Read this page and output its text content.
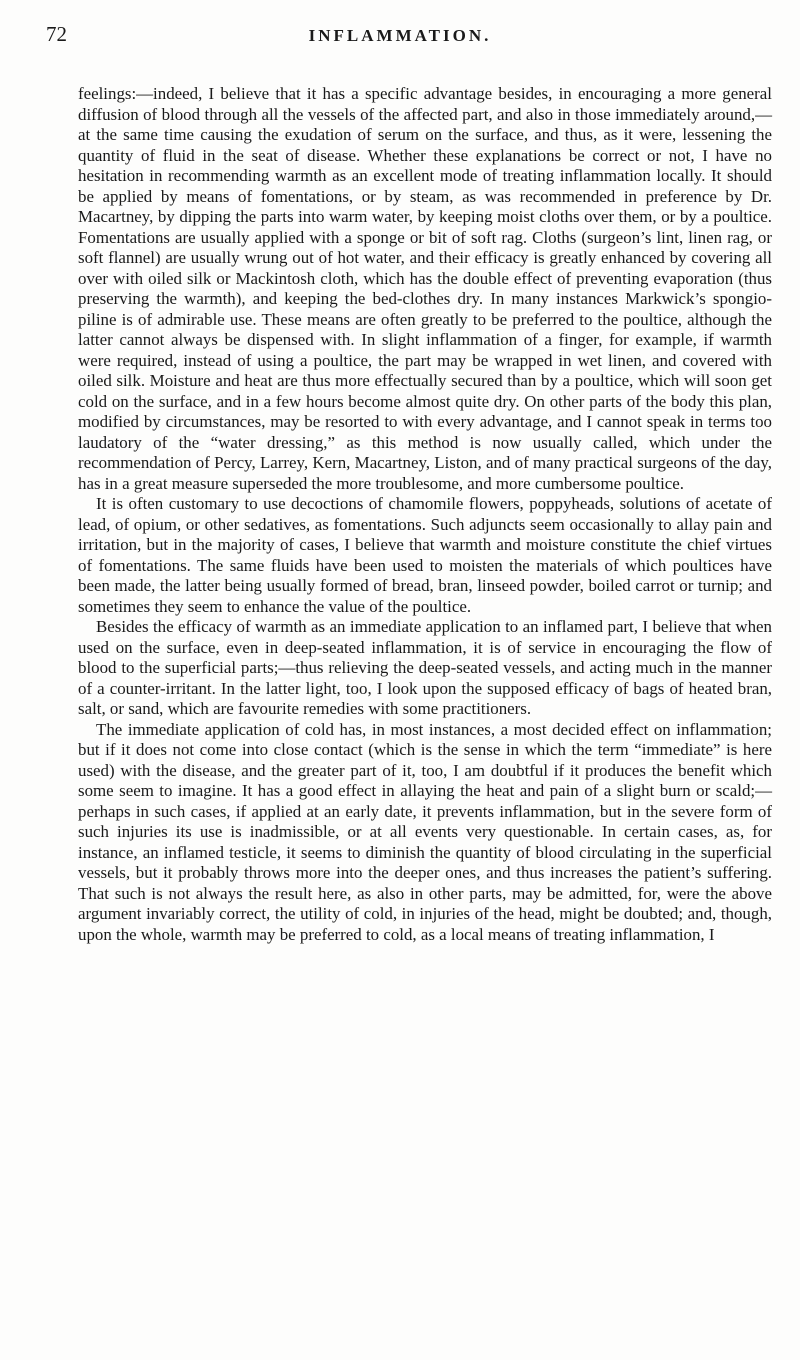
72	INFLAMMATION.

feelings:—indeed, I believe that it has a specific advantage besides, in encouraging a more general diffusion of blood through all the vessels of the affected part, and also in those immediately around,—at the same time causing the exudation of serum on the surface, and thus, as it were, lessening the quantity of fluid in the seat of disease. Whether these explanations be correct or not, I have no hesitation in recommending warmth as an excellent mode of treating inflammation locally. It should be applied by means of fomentations, or by steam, as was recommended in preference by Dr. Macartney, by dipping the parts into warm water, by keeping moist cloths over them, or by a poultice. Fomentations are usually applied with a sponge or bit of soft rag. Cloths (surgeon’s lint, linen rag, or soft flannel) are usually wrung out of hot water, and their efficacy is greatly enhanced by covering all over with oiled silk or Mackintosh cloth, which has the double effect of preventing evaporation (thus preserving the warmth), and keeping the bed-clothes dry. In many instances Markwick’s spongio-piline is of admirable use. These means are often greatly to be preferred to the poultice, although the latter cannot always be dispensed with. In slight inflammation of a finger, for example, if warmth were required, instead of using a poultice, the part may be wrapped in wet linen, and covered with oiled silk. Moisture and heat are thus more effectually secured than by a poultice, which will soon get cold on the surface, and in a few hours become almost quite dry. On other parts of the body this plan, modified by circumstances, may be resorted to with every advantage, and I cannot speak in terms too laudatory of the “water dressing,” as this method is now usually called, which under the recommendation of Percy, Larrey, Kern, Macartney, Liston, and of many practical surgeons of the day, has in a great measure superseded the more troublesome, and more cumbersome poultice.

It is often customary to use decoctions of chamomile flowers, poppyheads, solutions of acetate of lead, of opium, or other sedatives, as fomentations. Such adjuncts seem occasionally to allay pain and irritation, but in the majority of cases, I believe that warmth and moisture constitute the chief virtues of fomentations. The same fluids have been used to moisten the materials of which poultices have been made, the latter being usually formed of bread, bran, linseed powder, boiled carrot or turnip; and sometimes they seem to enhance the value of the poultice.

Besides the efficacy of warmth as an immediate application to an inflamed part, I believe that when used on the surface, even in deep-seated inflammation, it is of service in encouraging the flow of blood to the superficial parts;—thus relieving the deep-seated vessels, and acting much in the manner of a counter-irritant. In the latter light, too, I look upon the supposed efficacy of bags of heated bran, salt, or sand, which are favourite remedies with some practitioners.

The immediate application of cold has, in most instances, a most decided effect on inflammation; but if it does not come into close contact (which is the sense in which the term “immediate” is here used) with the disease, and the greater part of it, too, I am doubtful if it produces the benefit which some seem to imagine. It has a good effect in allaying the heat and pain of a slight burn or scald;—perhaps in such cases, if applied at an early date, it prevents inflammation, but in the severe form of such injuries its use is inadmissible, or at all events very questionable. In certain cases, as, for instance, an inflamed testicle, it seems to diminish the quantity of blood circulating in the superficial vessels, but it probably throws more into the deeper ones, and thus increases the patient’s suffering. That such is not always the result here, as also in other parts, may be admitted, for, were the above argument invariably correct, the utility of cold, in injuries of the head, might be doubted; and, though, upon the whole, warmth may be preferred to cold, as a local means of treating inflammation, I
